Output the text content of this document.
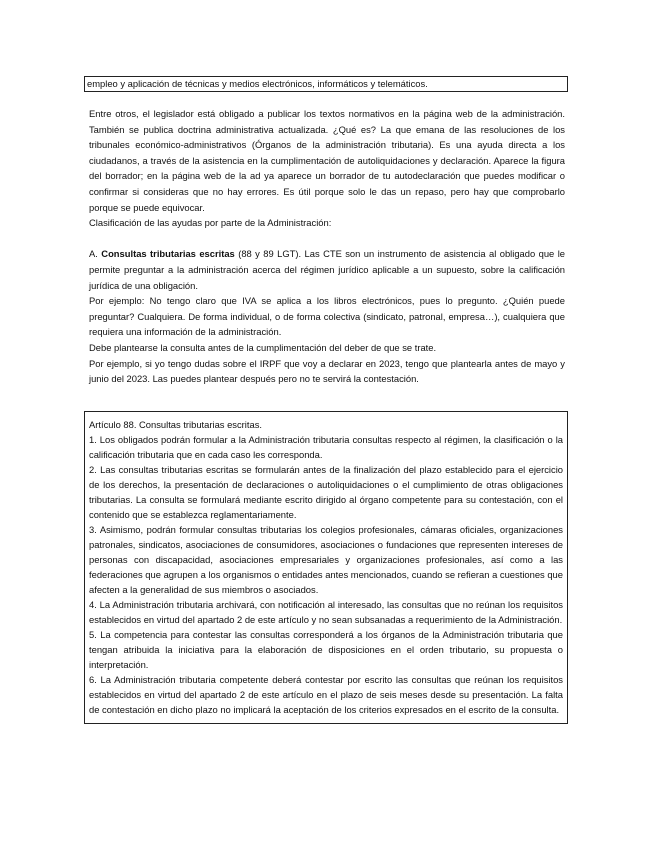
empleo y aplicación de técnicas y medios electrónicos, informáticos y telemáticos.

Entre otros, el legislador está obligado a publicar los textos normativos en la página web de la administración. También se publica doctrina administrativa actualizada. ¿Qué es? La que emana de las resoluciones de los tribunales económico-administrativos (Órganos de la administración tributaria). Es una ayuda directa a los ciudadanos, a través de la asistencia en la cumplimentación de autoliquidaciones y declaración. Aparece la figura del borrador; en la página web de la ad ya aparece un borrador de tu autodeclaración que puedes modificar o confirmar si consideras que no hay errores. Es útil porque solo le das un repaso, pero hay que comprobarlo porque se puede equivocar.

Clasificación de las ayudas por parte de la Administración:

A. Consultas tributarias escritas (88 y 89 LGT). Las CTE son un instrumento de asistencia al obligado que le permite preguntar a la administración acerca del régimen jurídico aplicable a un supuesto, sobre la calificación jurídica de una obligación.

Por ejemplo: No tengo claro que IVA se aplica a los libros electrónicos, pues lo pregunto. ¿Quién puede preguntar? Cualquiera. De forma individual, o de forma colectiva (sindicato, patronal, empresa…), cualquiera que requiera una información de la administración.

Debe plantearse la consulta antes de la cumplimentación del deber de que se trate.

Por ejemplo, si yo tengo dudas sobre el IRPF que voy a declarar en 2023, tengo que plantearla antes de mayo y junio del 2023. Las puedes plantear después pero no te servirá la contestación.

Artículo 88. Consultas tributarias escritas.

1. Los obligados podrán formular a la Administración tributaria consultas respecto al régimen, la clasificación o la calificación tributaria que en cada caso les corresponda.

2. Las consultas tributarias escritas se formularán antes de la finalización del plazo establecido para el ejercicio de los derechos, la presentación de declaraciones o autoliquidaciones o el cumplimiento de otras obligaciones tributarias. La consulta se formulará mediante escrito dirigido al órgano competente para su contestación, con el contenido que se establezca reglamentariamente.

3. Asimismo, podrán formular consultas tributarias los colegios profesionales, cámaras oficiales, organizaciones patronales, sindicatos, asociaciones de consumidores, asociaciones o fundaciones que representen intereses de personas con discapacidad, asociaciones empresariales y organizaciones profesionales, así como a las federaciones que agrupen a los organismos o entidades antes mencionados, cuando se refieran a cuestiones que afecten a la generalidad de sus miembros o asociados.

4. La Administración tributaria archivará, con notificación al interesado, las consultas que no reúnan los requisitos establecidos en virtud del apartado 2 de este artículo y no sean subsanadas a requerimiento de la Administración.

5. La competencia para contestar las consultas corresponderá a los órganos de la Administración tributaria que tengan atribuida la iniciativa para la elaboración de disposiciones en el orden tributario, su propuesta o interpretación.

6. La Administración tributaria competente deberá contestar por escrito las consultas que reúnan los requisitos establecidos en virtud del apartado 2 de este artículo en el plazo de seis meses desde su presentación. La falta de contestación en dicho plazo no implicará la aceptación de los criterios expresados en el escrito de la consulta.
